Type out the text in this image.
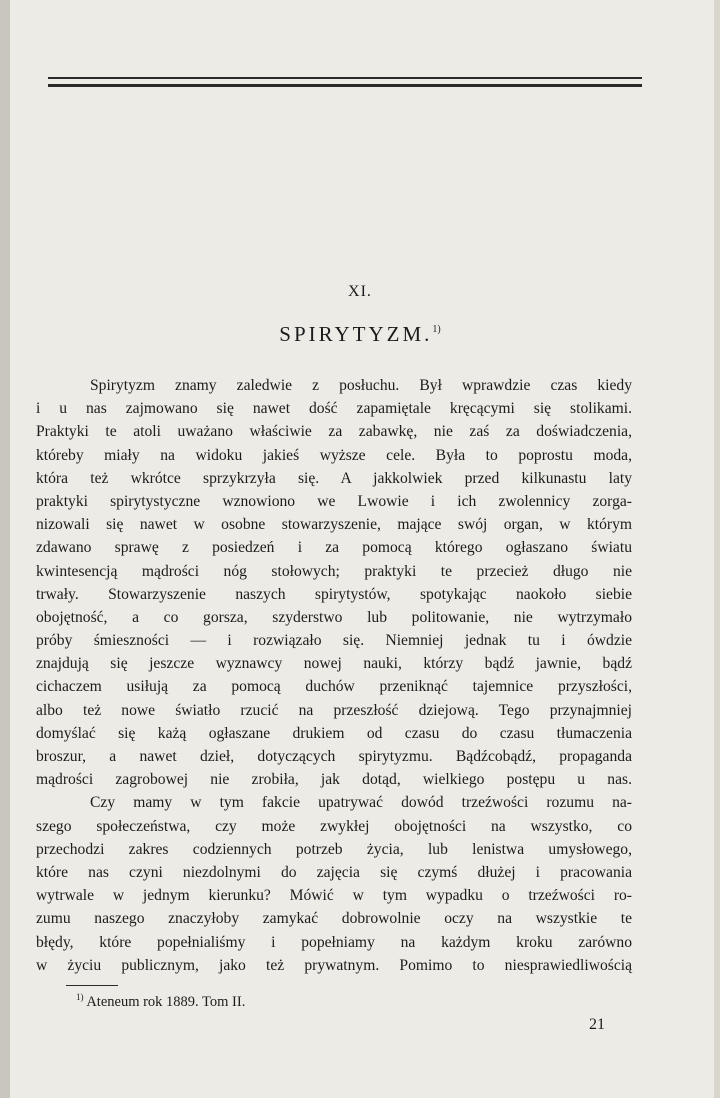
XI.
SPIRYTYZM.$^{1)}$
Spirytyzm znamy zaledwie z posłuchu. Był wprawdzie czas kiedy
i u nas zajmowano się nawet dość zapamiętale kręcącymi się stolikami.
Praktyki te atoli uważano właściwie za zabawkę, nie zaś za doświadczenia,
któreby miały na widoku jakieś wyższe cele. Była to poprostu moda,
która też wkrótce sprzykrzyła się. A jakkolwiek przed kilkunastu laty
praktyki spirytystyczne wznowiono we Lwowie i ich zwolennicy zorga-
nizowali się nawet w osobne stowarzyszenie, mające swój organ, w którym
zdawano sprawę z posiedzeń i za pomocą którego ogłaszano światu
kwintesencją mądrości nóg stołowych; praktyki te przecież długo nie
trwały. Stowarzyszenie naszych spirytystów, spotykając naokoło siebie
obojętność, a co gorsza, szyderstwo lub politowanie, nie wytrzymało
próby śmieszności — i rozwiązało się. Niemniej jednak tu i ówdzie
znajdują się jeszcze wyznawcy nowej nauki, którzy bądź jawnie, bądź
cichaczem usiłują za pomocą duchów przeniknąć tajemnice przyszłości,
albo też nowe światło rzucić na przeszłość dziejową. Tego przynajmniej
domyślać się każą ogłaszane drukiem od czasu do czasu tłumaczenia
broszur, a nawet dzieł, dotyczących spirytyzmu. Bądźcobądź, propaganda
mądrości zagrobowej nie zrobiła, jak dotąd, wielkiego postępu u nas.
Czy mamy w tym fakcie upatrywać dowód trzeźwości rozumu na-
szego społeczeństwa, czy może zwykłej obojętności na wszystko, co
przechodzi zakres codziennych potrzeb życia, lub lenistwa umysłowego,
które nas czyni niezdolnymi do zajęcia się czymś dłużej i pracowania
wytrwale w jednym kierunku? Mówić w tym wypadku o trzeźwości ro-
zumu naszego znaczyłoby zamykać dobrowolnie oczy na wszystkie te
błędy, które popełnialiśmy i popełniamy na każdym kroku zarówno
w życiu publicznym, jako też prywatnym. Pomimo to niesprawiedliwością
$^{1)}$ Ateneum rok 1889. Tom II.
21
